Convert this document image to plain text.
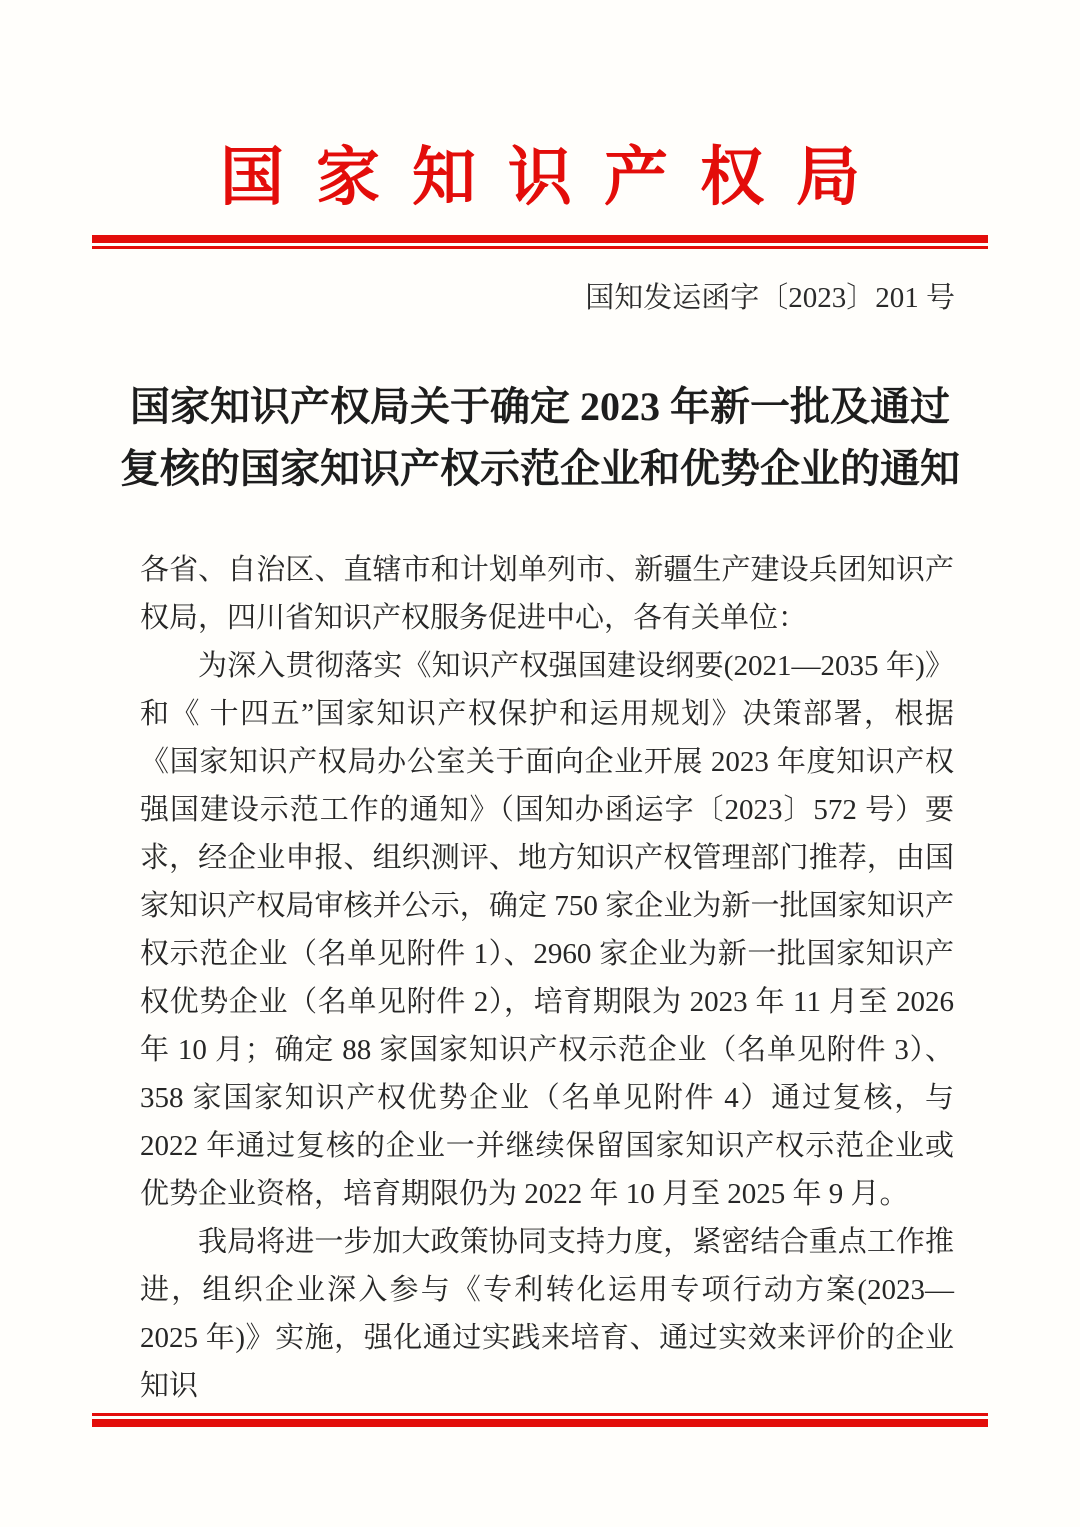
国家知识产权局
国知发运函字〔2023〕201 号
国家知识产权局关于确定 2023 年新一批及通过
复核的国家知识产权示范企业和优势企业的通知

各省、自治区、直辖市和计划单列市、新疆生产建设兵团知识产权局，四川省知识产权服务促进中心，各有关单位：

为深入贯彻落实《知识产权强国建设纲要(2021—2035 年)》和《 十四五”国家知识产权保护和运用规划》决策部署，根据《国家知识产权局办公室关于面向企业开展 2023 年度知识产权强国建设示范工作的通知》（国知办函运字〔2023〕572 号）要求，经企业申报、组织测评、地方知识产权管理部门推荐，由国家知识产权局审核并公示，确定 750 家企业为新一批国家知识产权示范企业（名单见附件 1）、2960 家企业为新一批国家知识产权优势企业（名单见附件 2），培育期限为 2023 年 11 月至 2026 年 10 月；确定 88 家国家知识产权示范企业（名单见附件 3）、358 家国家知识产权优势企业（名单见附件 4）通过复核，与 2022 年通过复核的企业一并继续保留国家知识产权示范企业或优势企业资格，培育期限仍为 2022 年 10 月至 2025 年 9 月。

我局将进一步加大政策协同支持力度，紧密结合重点工作推进，组织企业深入参与《专利转化运用专项行动方案(2023—2025 年)》实施，强化通过实践来培育、通过实效来评价的企业知识
